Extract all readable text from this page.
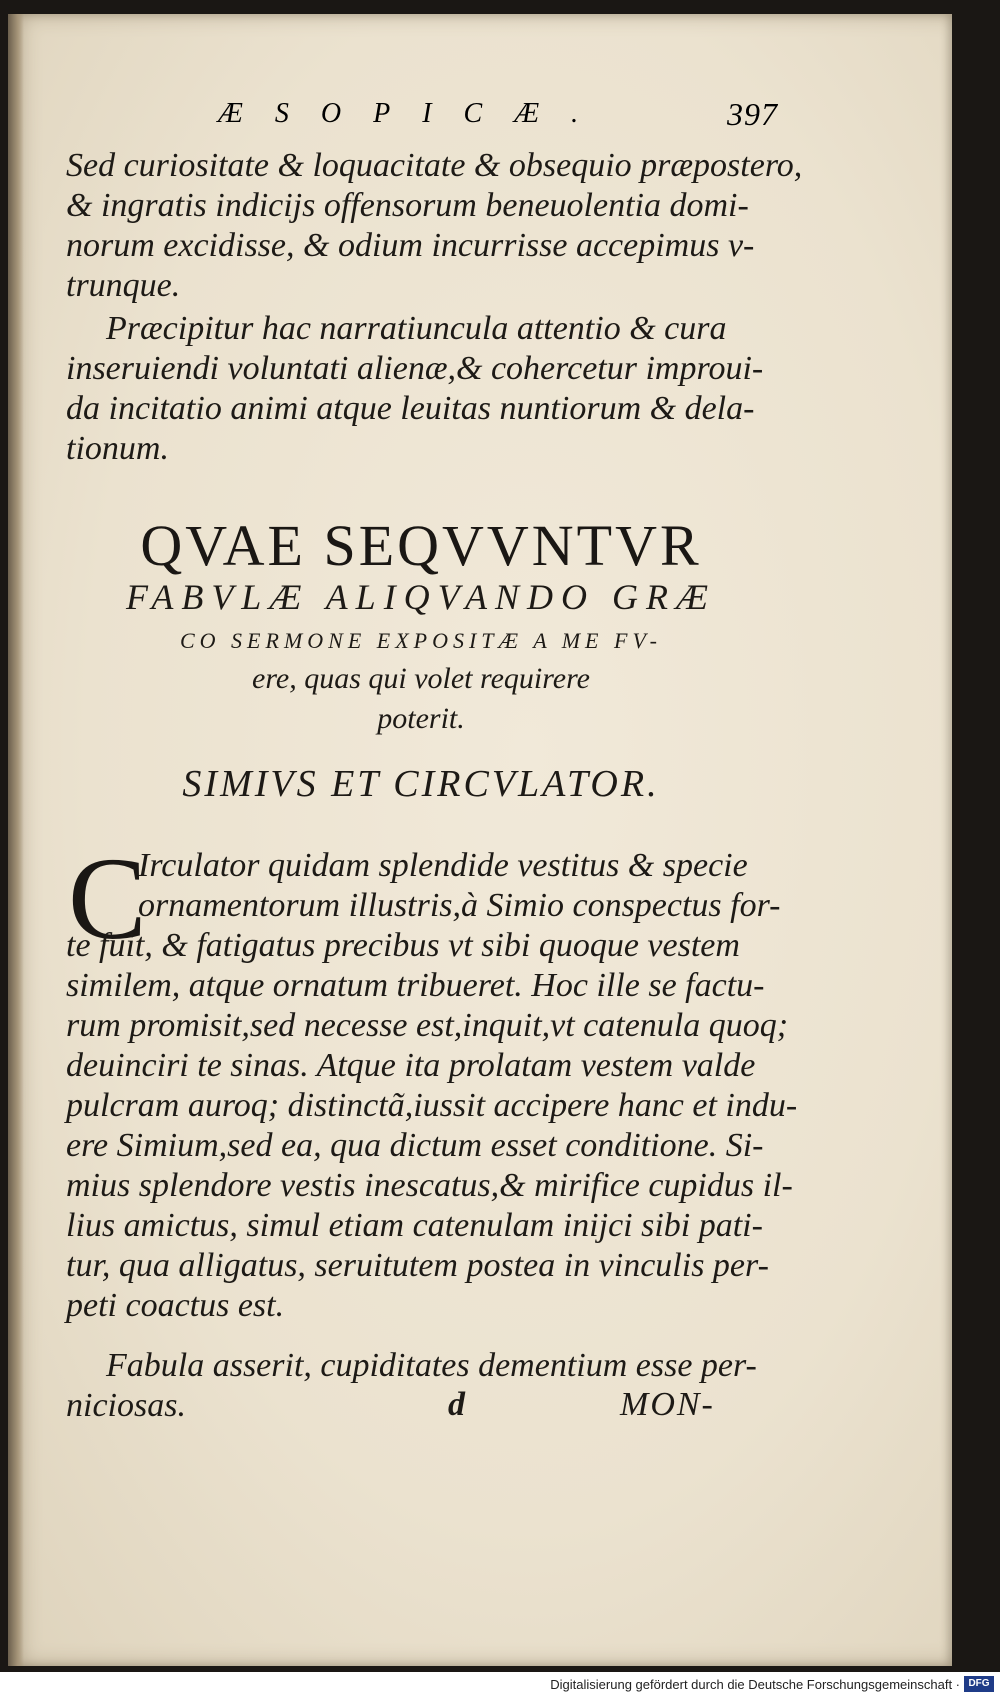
ÆSOPICÆ.	397

Sed curiositate & loquacitate & obsequio præpostero,

& ingratis indicijs offensorum beneuolentia domi-

norum excidisse, & odium incurrisse accepimus v-

trunque.

Præcipitur hac narratiuncula attentio & cura

inseruiendi voluntati alienæ,& cohercetur improui-

da incitatio animi atque leuitas nuntiorum & dela-

tionum.

QVAE SEQVVNTVR
FABVLÆ ALIQVANDO GRÆ
CO SERMONE EXPOSITÆ A ME FV-
ere, quas qui volet requirere
poterit.
SIMIVS ET CIRCVLATOR.
C

Irculator quidam splendide vestitus & specie

ornamentorum illustris,à Simio conspectus for-

te fuit, & fatigatus precibus vt sibi quoque vestem

similem, atque ornatum tribueret. Hoc ille se factu-

rum promisit,sed necesse est,inquit,vt catenula quoq;

deuinciri te sinas. Atque ita prolatam vestem valde

pulcram auroq; distinctã,iussit accipere hanc et indu-

ere Simium,sed ea, qua dictum esset conditione. Si-

mius splendore vestis inescatus,& mirifice cupidus il-

lius amictus, simul etiam catenulam inijci sibi pati-

tur, qua alligatus, seruitutem postea in vinculis per-

peti coactus est.

Fabula asserit, cupiditates dementium esse per-

niciosas.	d	MON-
Digitalisierung gefördert durch die Deutsche Forschungsgemeinschaft · DFG
